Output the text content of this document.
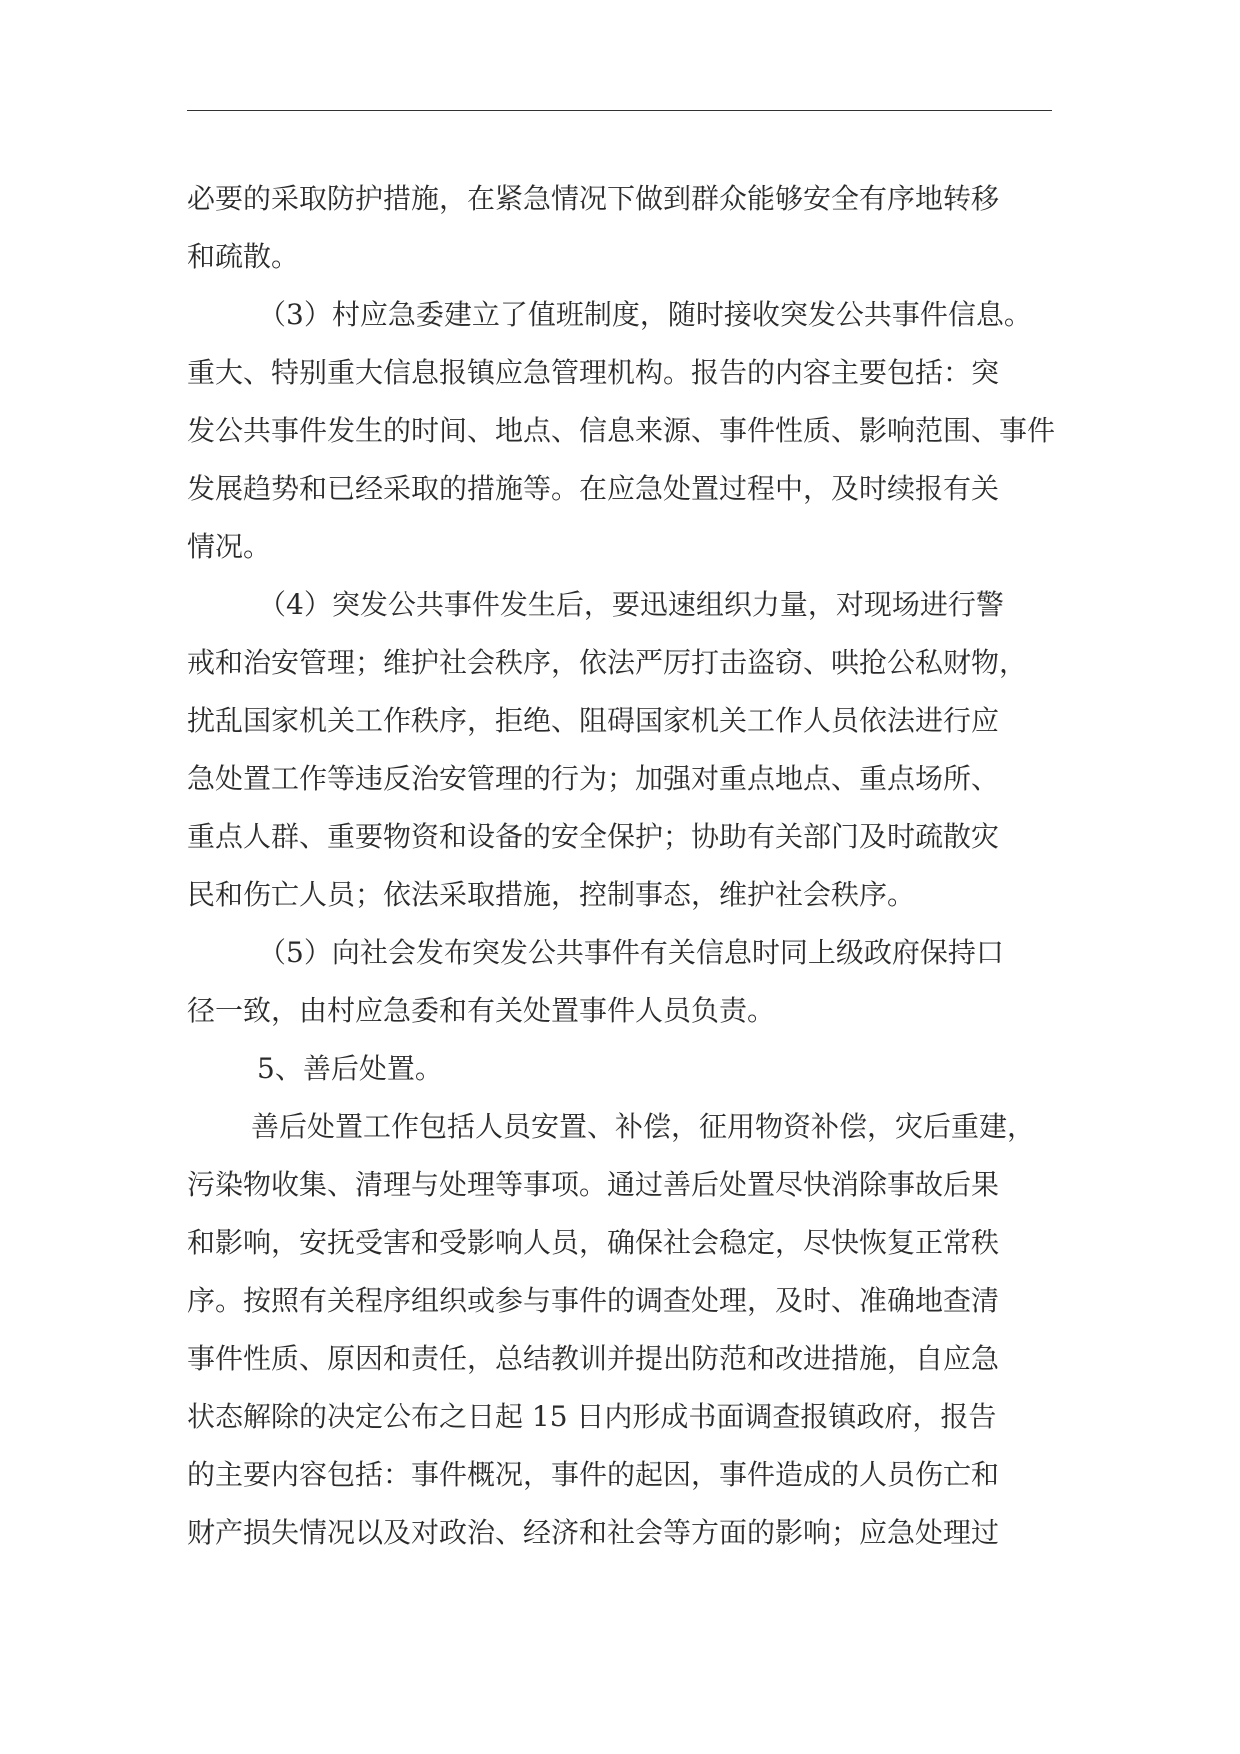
必要的采取防护措施，在紧急情况下做到群众能够安全有序地转移
和疏散。
（3）村应急委建立了值班制度，随时接收突发公共事件信息。
重大、特别重大信息报镇应急管理机构。报告的内容主要包括：突
发公共事件发生的时间、地点、信息来源、事件性质、影响范围、事件
发展趋势和已经采取的措施等。在应急处置过程中，及时续报有关
情况。
（4）突发公共事件发生后，要迅速组织力量，对现场进行警
戒和治安管理；维护社会秩序，依法严厉打击盗窃、哄抢公私财物，
扰乱国家机关工作秩序，拒绝、阻碍国家机关工作人员依法进行应
急处置工作等违反治安管理的行为；加强对重点地点、重点场所、
重点人群、重要物资和设备的安全保护；协助有关部门及时疏散灾
民和伤亡人员；依法采取措施，控制事态，维护社会秩序。
（5）向社会发布突发公共事件有关信息时同上级政府保持口
径一致，由村应急委和有关处置事件人员负责。
5、善后处置。
善后处置工作包括人员安置、补偿，征用物资补偿，灾后重建，
污染物收集、清理与处理等事项。通过善后处置尽快消除事故后果
和影响，安抚受害和受影响人员，确保社会稳定，尽快恢复正常秩
序。按照有关程序组织或参与事件的调查处理，及时、准确地查清
事件性质、原因和责任，总结教训并提出防范和改进措施，自应急
状态解除的决定公布之日起 15 日内形成书面调查报镇政府，报告
的主要内容包括：事件概况，事件的起因，事件造成的人员伤亡和
财产损失情况以及对政治、经济和社会等方面的影响；应急处理过
